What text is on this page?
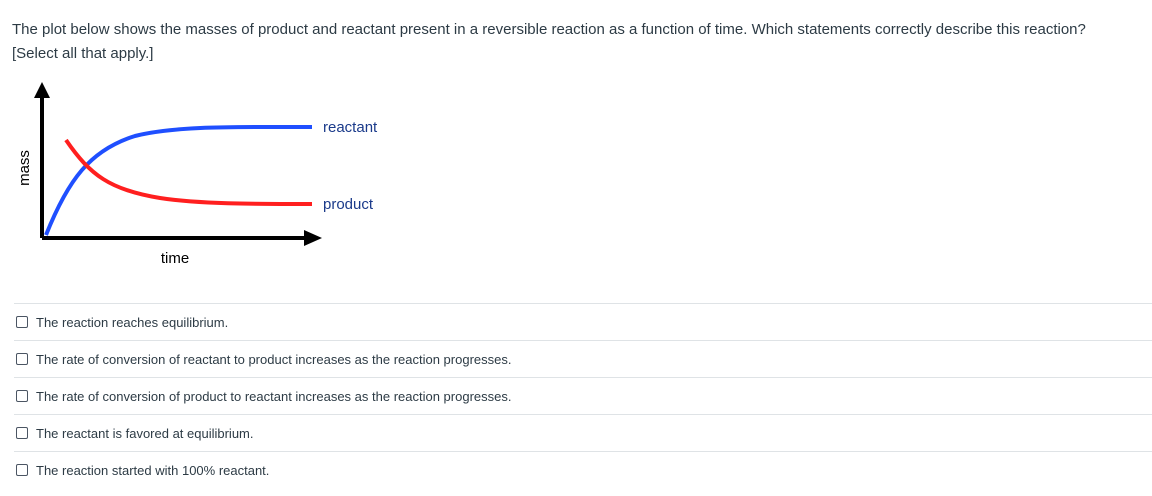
The plot below shows the masses of product and reactant present in a reversible reaction as a function of time. Which statements correctly describe this reaction?

[Select all that apply.]

reactant
product
time
mass
The reaction reaches equilibrium.
The rate of conversion of reactant to product increases as the reaction progresses.
The rate of conversion of product to reactant increases as the reaction progresses.
The reactant is favored at equilibrium.
The reaction started with 100% reactant.
